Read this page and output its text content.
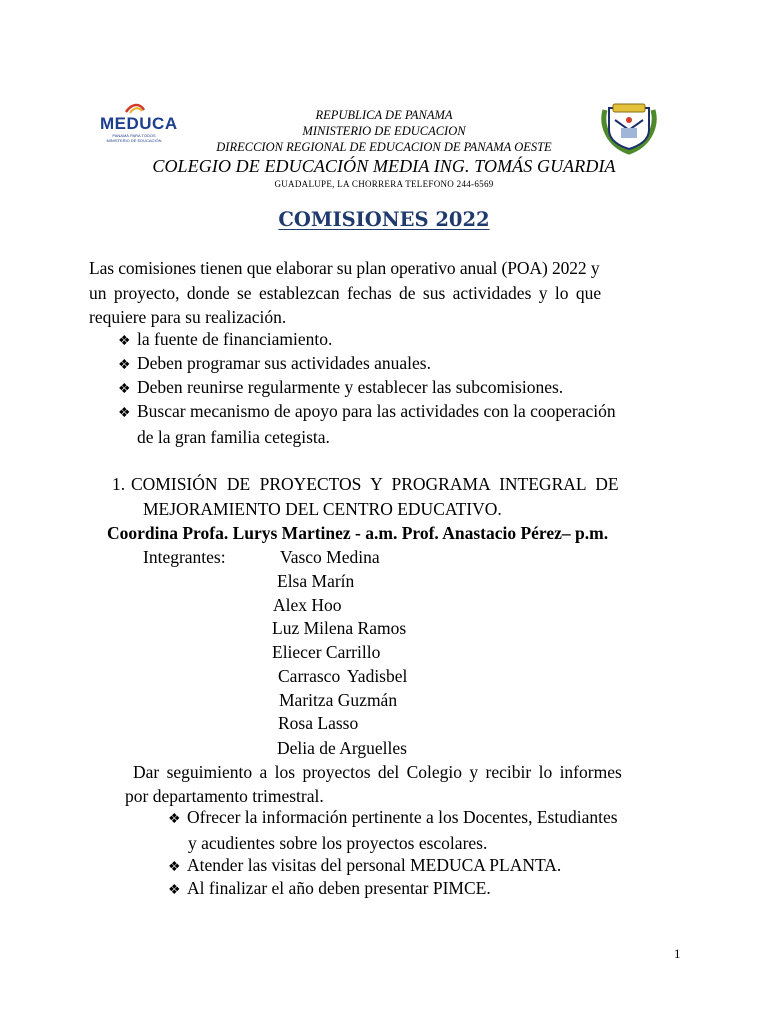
MEDUCA
PANAMÁ PARA TODOS
MINISTERIO DE EDUCACIÓN
REPUBLICA DE PANAMA
MINISTERIO DE EDUCACION
DIRECCION REGIONAL DE EDUCACION DE PANAMA OESTE
COLEGIO DE EDUCACIÓN MEDIA ING. TOMÁS GUARDIA
GUADALUPE, LA CHORRERA TELEFONO 244-6569
COMISIONES 2022
Las comisiones tienen que elaborar su plan operativo anual (POA) 2022 y
un proyecto, donde se establezcan fechas de sus actividades y lo que
requiere para su realización.
❖ la fuente de financiamiento.
❖ Deben programar sus actividades anuales.
❖ Deben reunirse regularmente y establecer las subcomisiones.
❖ Buscar mecanismo de apoyo para las actividades con la cooperación
de la gran familia cetegista.
1. COMISIÓN DE PROYECTOS Y PROGRAMA INTEGRAL DE
MEJORAMIENTO DEL CENTRO EDUCATIVO.
Coordina Profa. Lurys Martinez - a.m. Prof. Anastacio Pérez– p.m.
Integrantes:	Vasco Medina
Elsa Marín
Alex Hoo
Luz Milena Ramos
Eliecer Carrillo
Carrasco Yadisbel
Maritza Guzmán
Rosa Lasso
Delia de Arguelles
Dar seguimiento a los proyectos del Colegio y recibir lo informes
por departamento trimestral.
❖ Ofrecer la información pertinente a los Docentes, Estudiantes
y acudientes sobre los proyectos escolares.
❖ Atender las visitas del personal MEDUCA PLANTA.
❖ Al finalizar el año deben presentar PIMCE.
1
